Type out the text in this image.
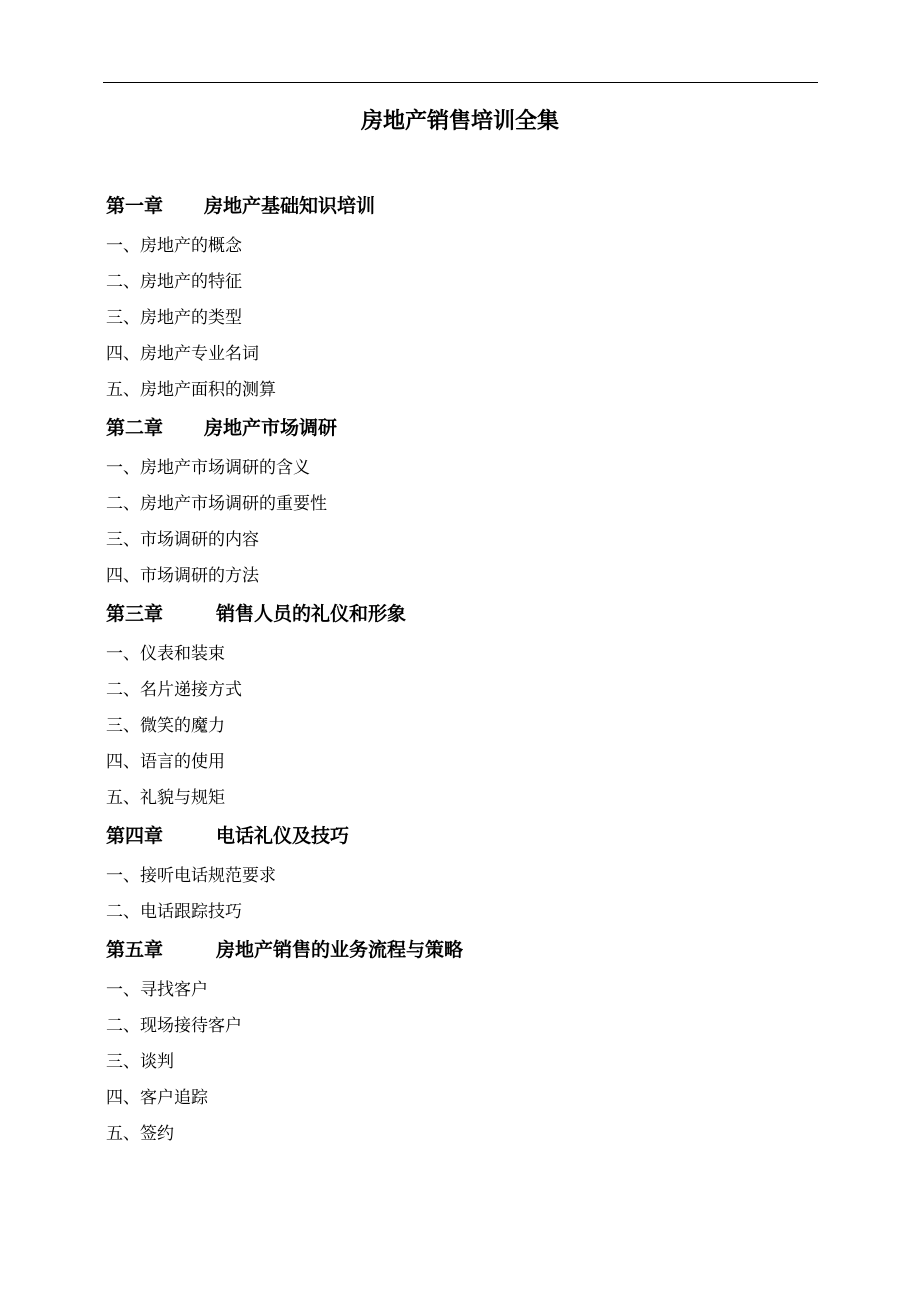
房地产销售培训全集
第一章	房地产基础知识培训
一、房地产的概念
二、房地产的特征
三、房地产的类型
四、房地产专业名词
五、房地产面积的测算
第二章	房地产市场调研
一、房地产市场调研的含义
二、房地产市场调研的重要性
三、市场调研的内容
四、市场调研的方法
第三章	销售人员的礼仪和形象
一、仪表和装束
二、名片递接方式
三、微笑的魔力
四、语言的使用
五、礼貌与规矩
第四章	电话礼仪及技巧
一、接听电话规范要求
二、电话跟踪技巧
第五章	房地产销售的业务流程与策略
一、寻找客户
二、现场接待客户
三、谈判
四、客户追踪
五、签约
